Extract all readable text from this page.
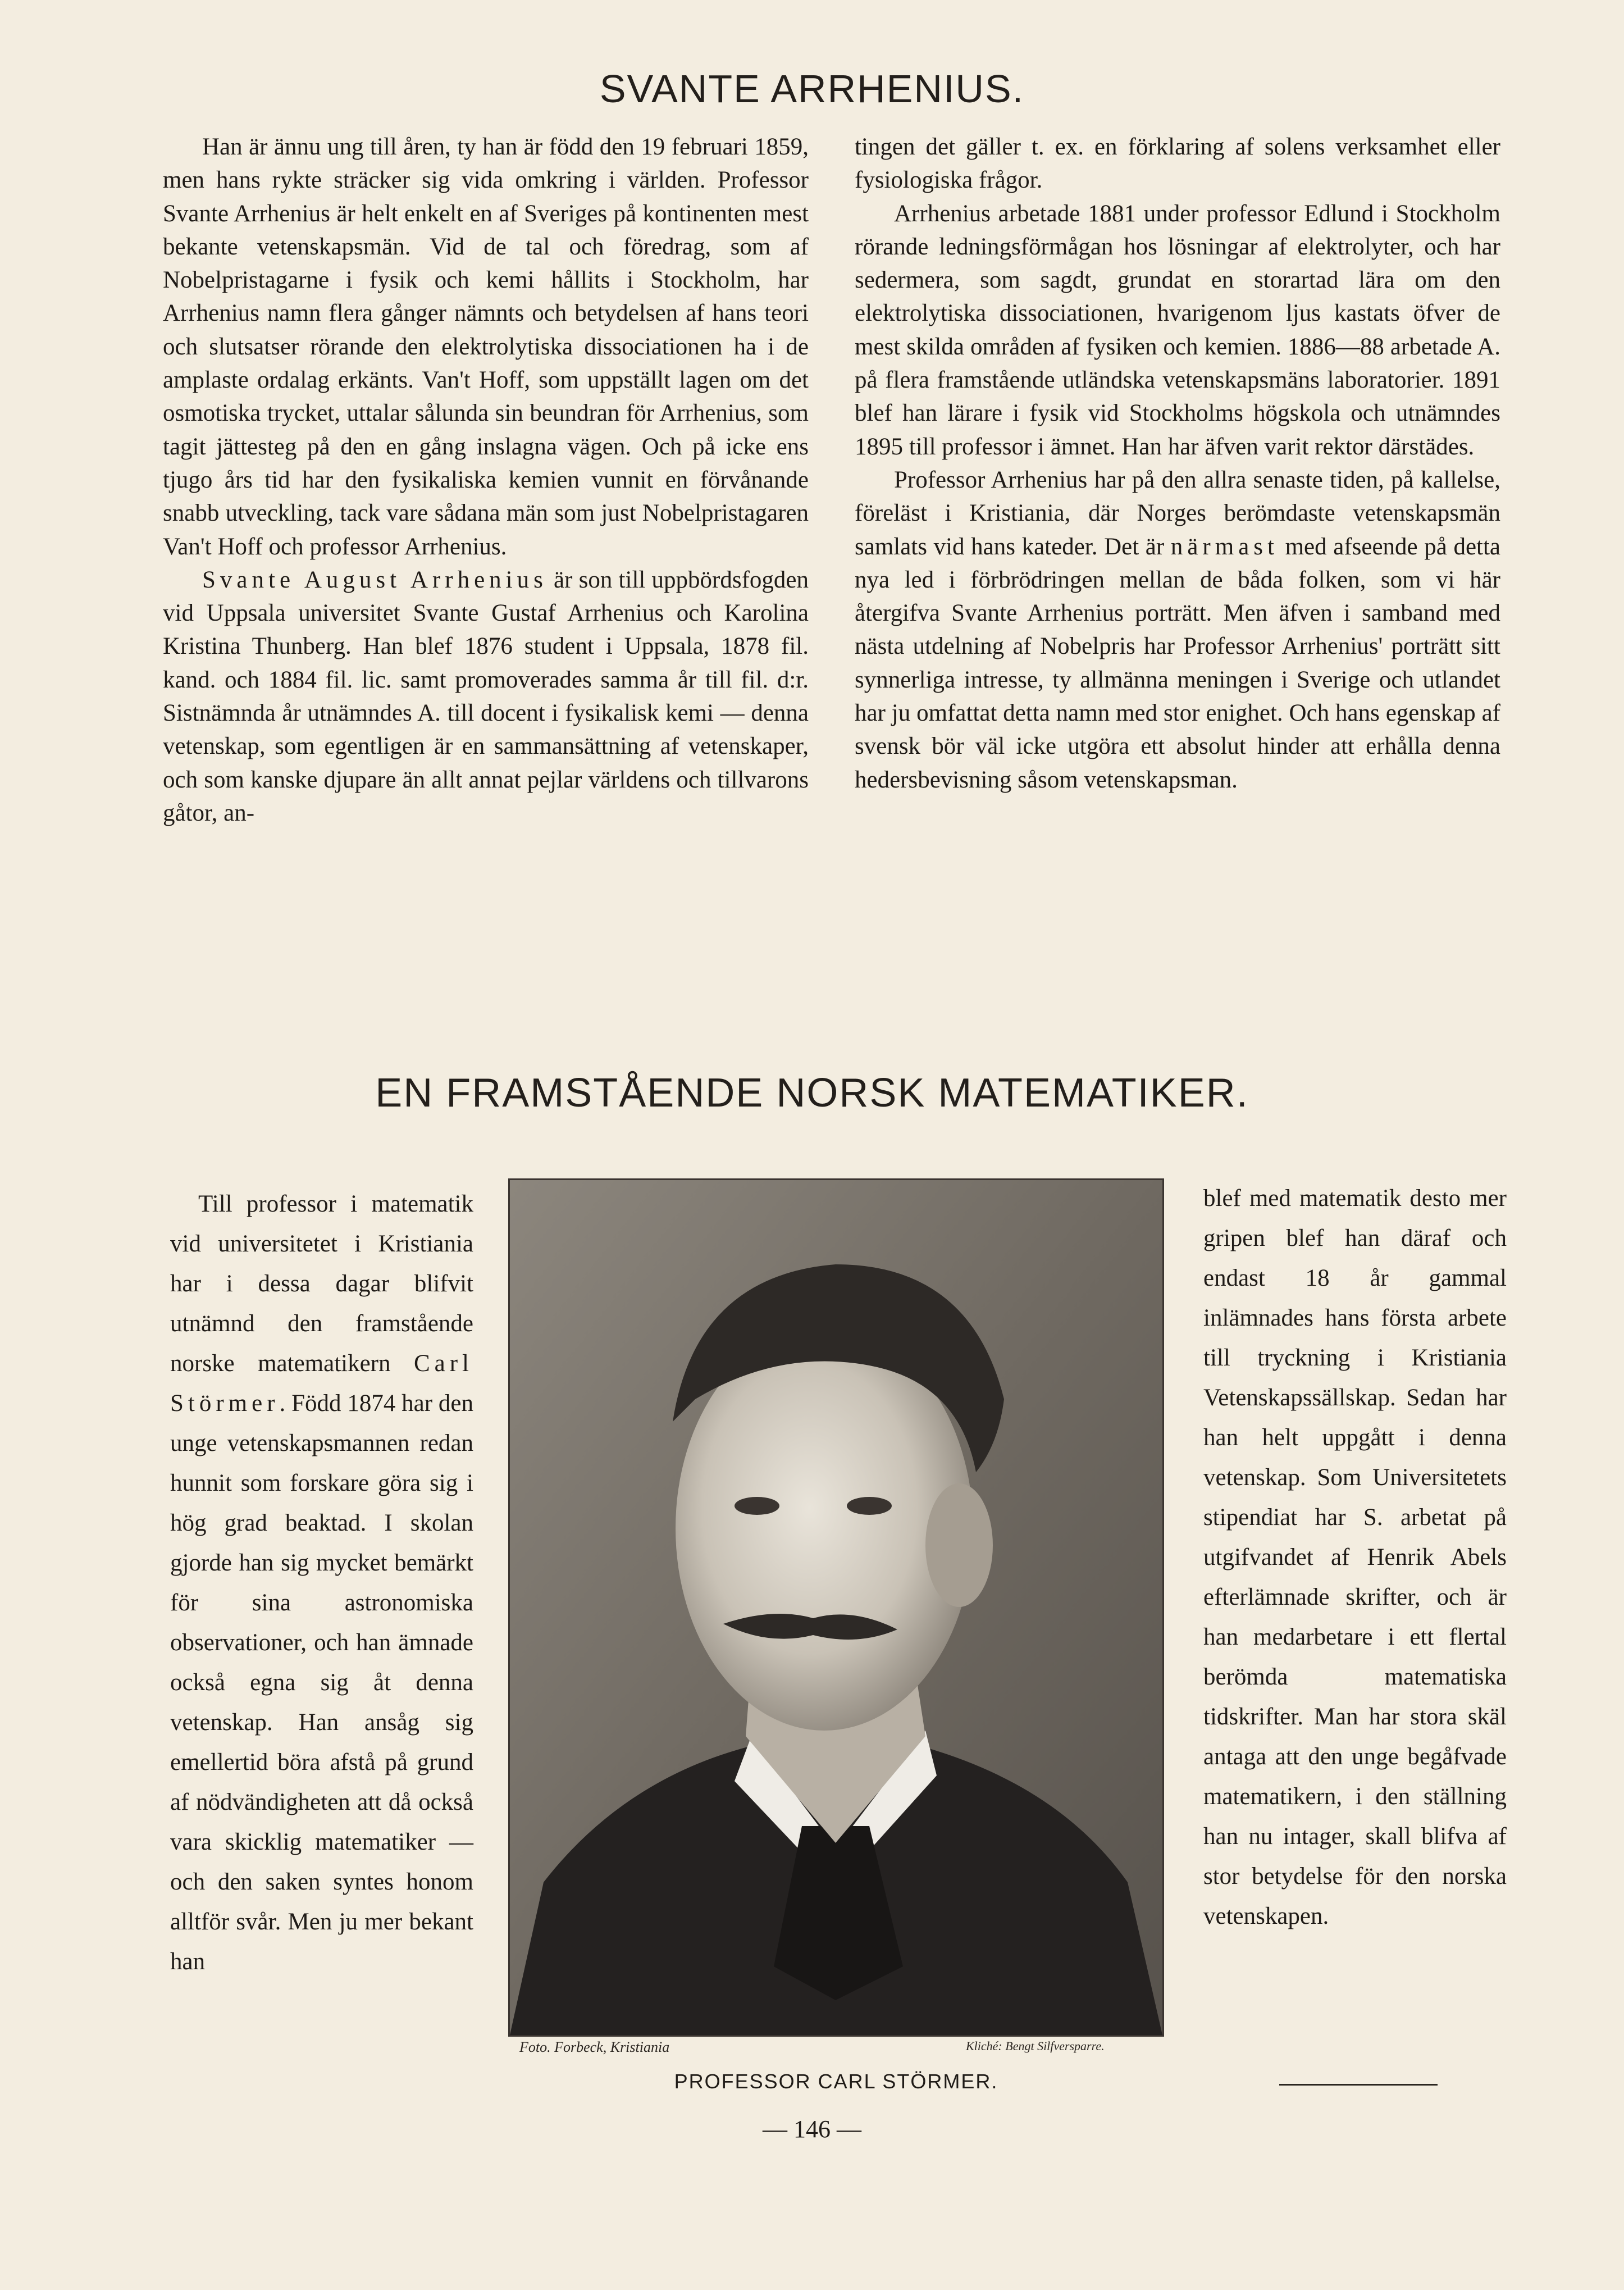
SVANTE ARRHENIUS.

Han är ännu ung till åren, ty han är född den 19 februari 1859, men hans rykte sträcker sig vida omkring i världen. Professor Svante Arrhenius är helt enkelt en af Sveriges på kontinenten mest bekante vetenskapsmän. Vid de tal och föredrag, som af Nobelpristagarne i fysik och kemi hållits i Stockholm, har Arrhenius namn flera gånger nämnts och betydelsen af hans teori och slutsatser rörande den elektrolytiska dissociationen ha i de amplaste ordalag erkänts. Van't Hoff, som uppställt lagen om det osmotiska trycket, uttalar sålunda sin beundran för Arrhenius, som tagit jättesteg på den en gång inslagna vägen. Och på icke ens tjugo års tid har den fysikaliska kemien vunnit en förvånande snabb utveckling, tack vare sådana män som just Nobelpristagaren Van't Hoff och professor Arrhenius.

Svante August Arrhenius är son till uppbördsfogden vid Uppsala universitet Svante Gustaf Arrhenius och Karolina Kristina Thunberg. Han blef 1876 student i Uppsala, 1878 fil. kand. och 1884 fil. lic. samt promoverades samma år till fil. d:r. Sistnämnda år utnämndes A. till docent i fysikalisk kemi — denna vetenskap, som egentligen är en sammansättning af vetenskaper, och som kanske djupare än allt annat pejlar världens och tillvarons gåtor, an-

tingen det gäller t. ex. en förklaring af solens verksamhet eller fysiologiska frågor.

Arrhenius arbetade 1881 under professor Edlund i Stockholm rörande ledningsförmågan hos lösningar af elektrolyter, och har sedermera, som sagdt, grundat en storartad lära om den elektrolytiska dissociationen, hvarigenom ljus kastats öfver de mest skilda områden af fysiken och kemien. 1886—88 arbetade A. på flera framstående utländska vetenskapsmäns laboratorier. 1891 blef han lärare i fysik vid Stockholms högskola och utnämndes 1895 till professor i ämnet. Han har äfven varit rektor därstädes.

Professor Arrhenius har på den allra senaste tiden, på kallelse, föreläst i Kristiania, där Norges berömdaste vetenskapsmän samlats vid hans kateder. Det är närmast med afseende på detta nya led i förbrödringen mellan de båda folken, som vi här återgifva Svante Arrhenius porträtt. Men äfven i samband med nästa utdelning af Nobelpris har Professor Arrhenius' porträtt sitt synnerliga intresse, ty allmänna meningen i Sverige och utlandet har ju omfattat detta namn med stor enighet. Och hans egenskap af svensk bör väl icke utgöra ett absolut hinder att erhålla denna hedersbevisning såsom vetenskapsman.

EN FRAMSTÅENDE NORSK MATEMATIKER.

Till professor i matematik vid universitetet i Kristiania har i dessa dagar blifvit utnämnd den framstående norske matematikern Carl Störmer. Född 1874 har den unge vetenskapsmannen redan hunnit som forskare göra sig i hög grad beaktad. I skolan gjorde han sig mycket bemärkt för sina astronomiska observationer, och han ämnade också egna sig åt denna vetenskap. Han ansåg sig emellertid böra afstå på grund af nödvändigheten att då också vara skicklig matematiker — och den saken syntes honom alltför svår. Men ju mer bekant han

Foto. Forbeck, Kristiania	Kliché: Bengt Silfversparre.
PROFESSOR CARL STÖRMER.

blef med matematik desto mer gripen blef han däraf och endast 18 år gammal inlämnades hans första arbete till tryckning i Kristiania Vetenskapssällskap. Sedan har han helt uppgått i denna vetenskap. Som Universitetets stipendiat har S. arbetat på utgifvandet af Henrik Abels efterlämnade skrifter, och är han medarbetare i ett flertal berömda matematiska tidskrifter. Man har stora skäl antaga att den unge begåfvade matematikern, i den ställning han nu intager, skall blifva af stor betydelse för den norska vetenskapen.

— 146 —
